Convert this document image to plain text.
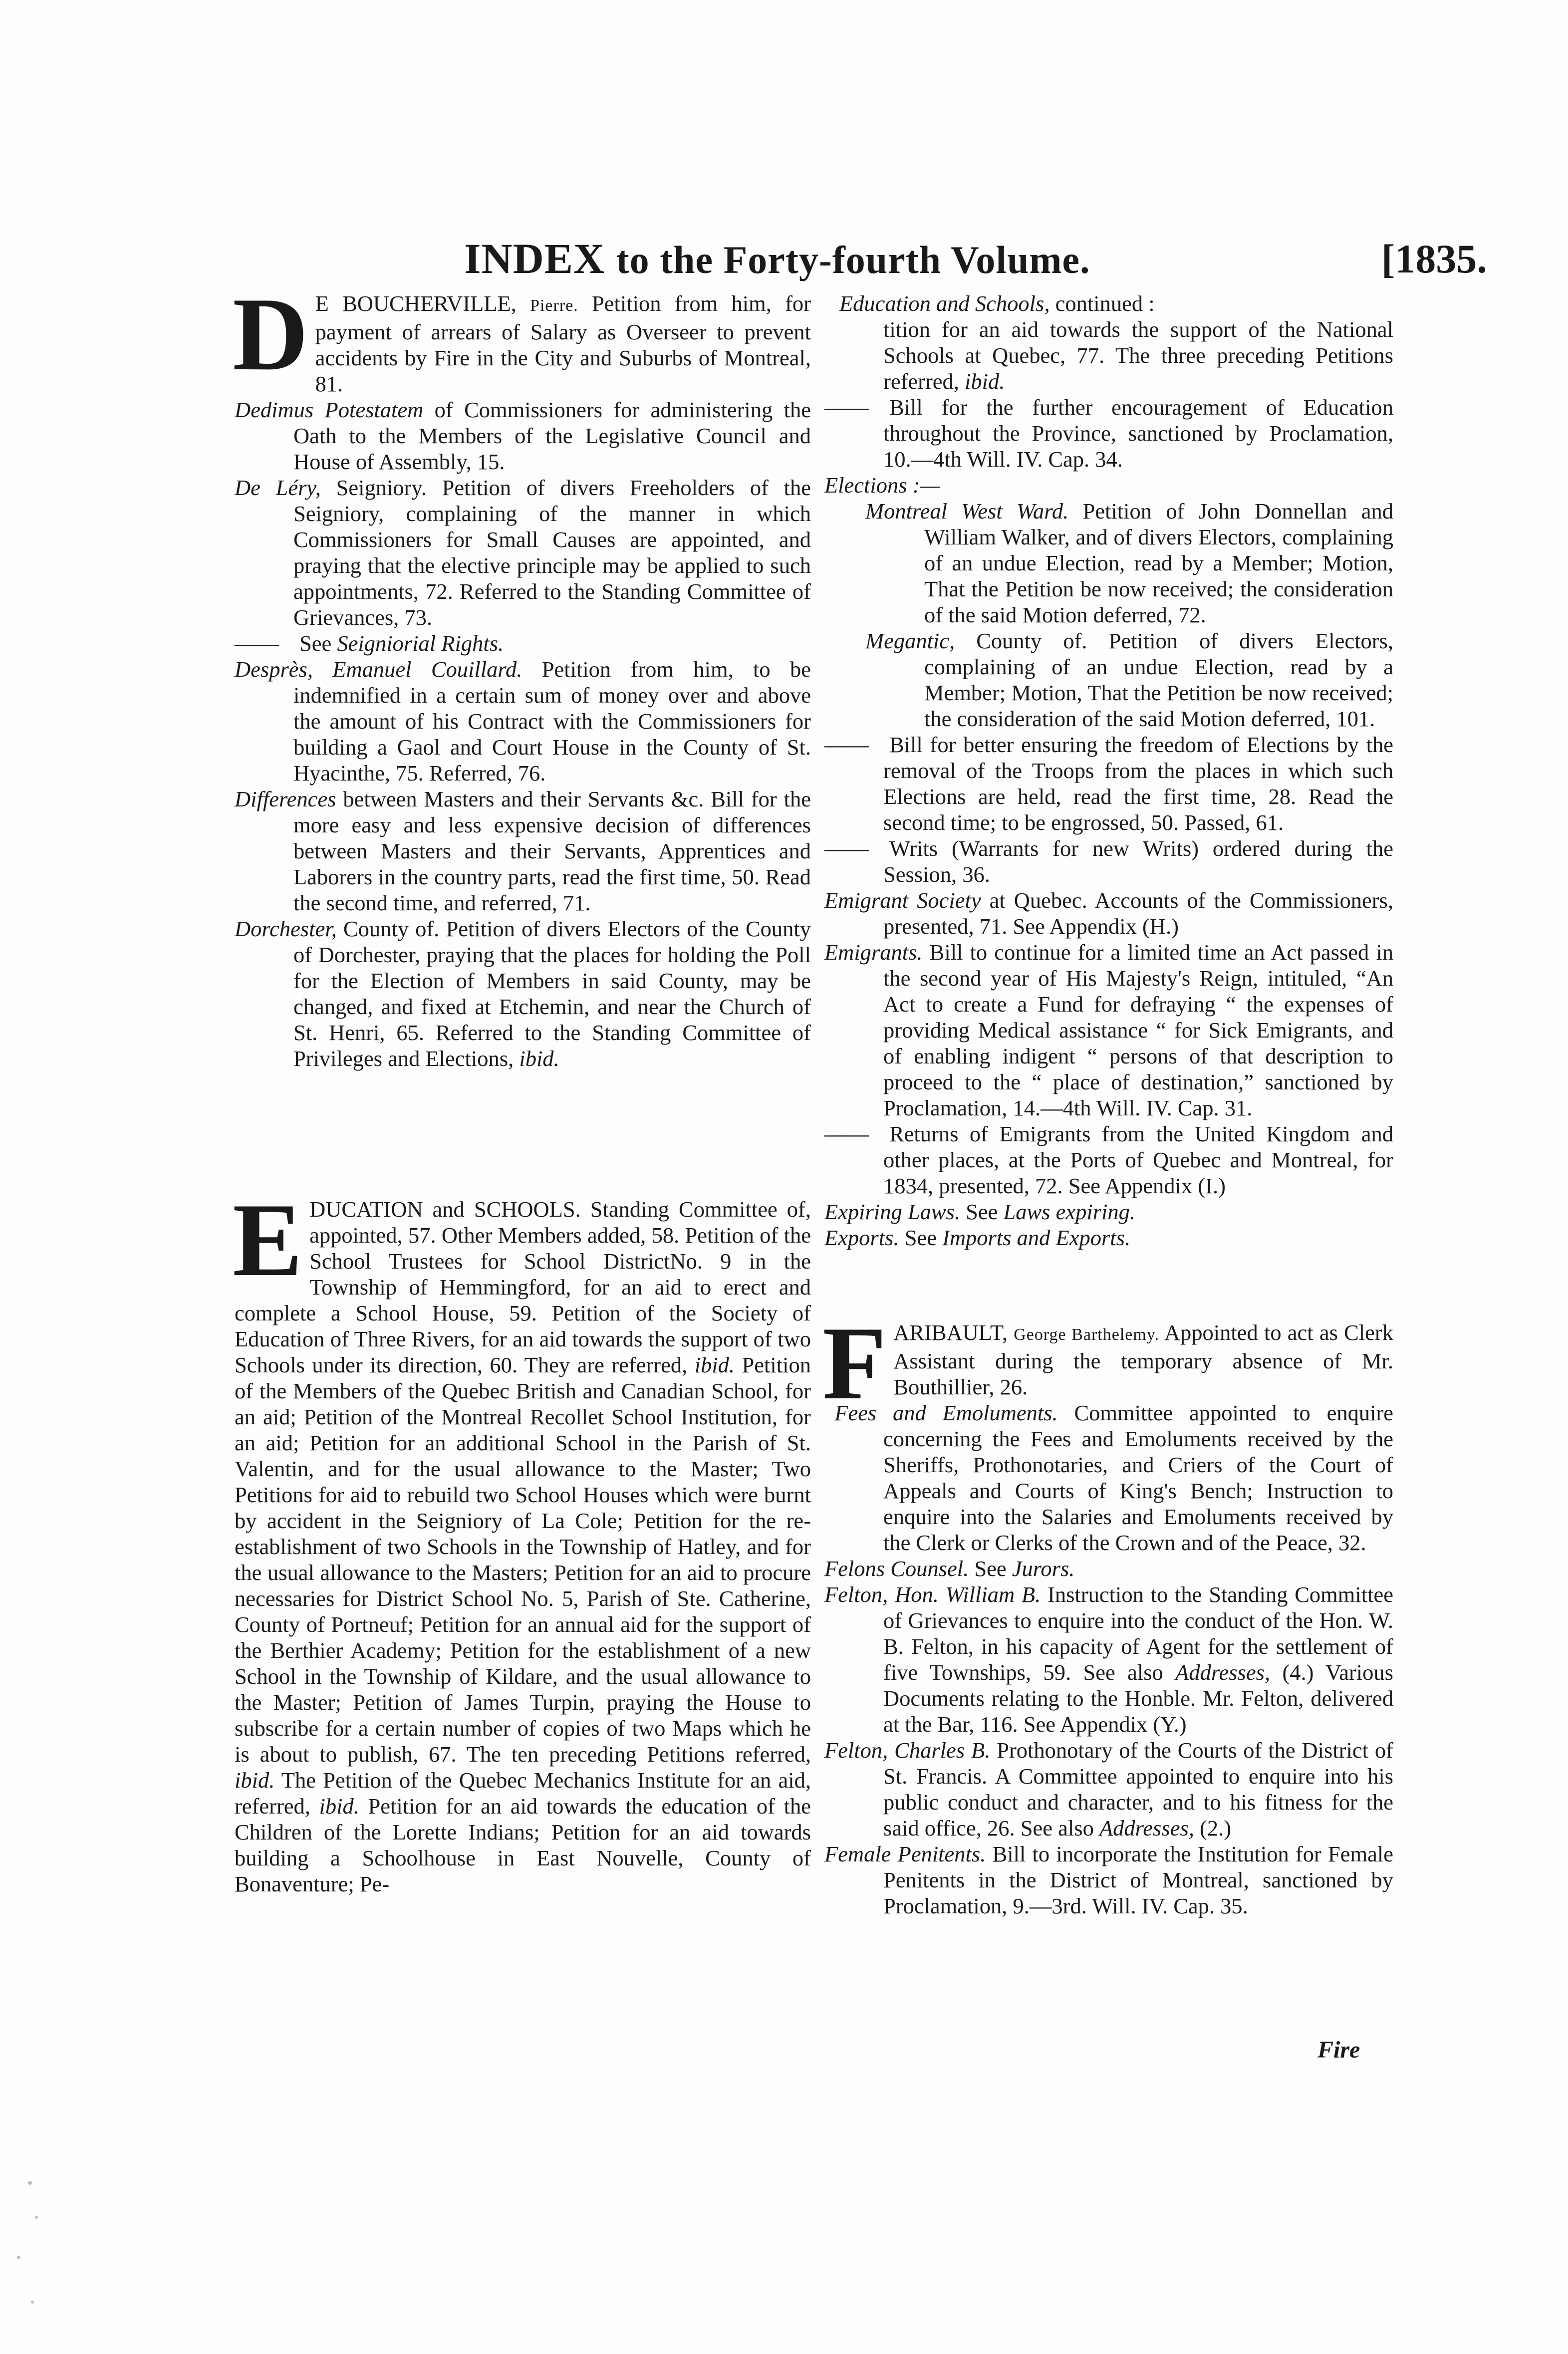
INDEX to the Forty-fourth Volume.	[1835.

D E BOUCHERVILLE, Pierre. Petition from him, for payment of arrears of Salary as Overseer to prevent accidents by Fire in the City and Suburbs of Montreal, 81.

Dedimus Potestatem of Commissioners for administering the Oath to the Members of the Legislative Council and House of Assembly, 15.

De Léry, Seigniory. Petition of divers Freeholders of the Seigniory, complaining of the manner in which Commissioners for Small Causes are appointed, and praying that the elective principle may be applied to such appointments, 72. Referred to the Standing Committee of Grievances, 73.

—— See Seigniorial Rights.

Desprès, Emanuel Couillard. Petition from him, to be indemnified in a certain sum of money over and above the amount of his Contract with the Commissioners for building a Gaol and Court House in the County of St. Hyacinthe, 75. Referred, 76.

Differences between Masters and their Servants &c. Bill for the more easy and less expensive decision of differences between Masters and their Servants, Apprentices and Laborers in the country parts, read the first time, 50. Read the second time, and referred, 71.

Dorchester, County of. Petition of divers Electors of the County of Dorchester, praying that the places for holding the Poll for the Election of Members in said County, may be changed, and fixed at Etchemin, and near the Church of St. Henri, 65. Referred to the Standing Committee of Privileges and Elections, ibid.

EDUCATION and SCHOOLS. Standing Committee of, appointed, 57. Other Members added, 58. Petition of the School Trustees for School DistrictNo. 9 in the Township of Hemmingford, for an aid to erect and complete a School House, 59. Petition of the Society of Education of Three Rivers, for an aid towards the support of two Schools under its direction, 60. They are referred, ibid. Petition of the Members of the Quebec British and Canadian School, for an aid; Petition of the Montreal Recollet School Institution, for an aid; Petition for an additional School in the Parish of St. Valentin, and for the usual allowance to the Master; Two Petitions for aid to rebuild two School Houses which were burnt by accident in the Seigniory of La Cole; Petition for the re-establishment of two Schools in the Township of Hatley, and for the usual allowance to the Masters; Petition for an aid to procure necessaries for District School No. 5, Parish of Ste. Catherine, County of Portneuf; Petition for an annual aid for the support of the Berthier Academy; Petition for the establishment of a new School in the Township of Kildare, and the usual allowance to the Master; Petition of James Turpin, praying the House to subscribe for a certain number of copies of two Maps which he is about to publish, 67. The ten preceding Petitions referred, ibid. The Petition of the Quebec Mechanics Institute for an aid, referred, ibid. Petition for an aid towards the education of the Children of the Lorette Indians; Petition for an aid towards building a Schoolhouse in East Nouvelle, County of Bonaventure; Pe-

Education and Schools, continued :

tition for an aid towards the support of the National Schools at Quebec, 77. The three preceding Petitions referred, ibid.

—— Bill for the further encouragement of Education throughout the Province, sanctioned by Proclamation, 10.—4th Will. IV. Cap. 34.

Elections :—

Montreal West Ward. Petition of John Donnellan and William Walker, and of divers Electors, complaining of an undue Election, read by a Member; Motion, That the Petition be now received; the consideration of the said Motion deferred, 72.

Megantic, County of. Petition of divers Electors, complaining of an undue Election, read by a Member; Motion, That the Petition be now received; the consideration of the said Motion deferred, 101.

—— Bill for better ensuring the freedom of Elections by the removal of the Troops from the places in which such Elections are held, read the first time, 28. Read the second time; to be engrossed, 50. Passed, 61.

—— Writs (Warrants for new Writs) ordered during the Session, 36.

Emigrant Society at Quebec. Accounts of the Commissioners, presented, 71. See Appendix (H.)

Emigrants. Bill to continue for a limited time an Act passed in the second year of His Majesty's Reign, intituled, “An Act to create a Fund for defraying “ the expenses of providing Medical assistance “ for Sick Emigrants, and of enabling indigent “ persons of that description to proceed to the “ place of destination,” sanctioned by Proclamation, 14.—4th Will. IV. Cap. 31.

—— Returns of Emigrants from the United Kingdom and other places, at the Ports of Quebec and Montreal, for 1834, presented, 72. See Appendix (I.)

Expiring Laws. See Laws expiring.

Exports. See Imports and Exports.

FARIBAULT, George Barthelemy. Appointed to act as Clerk Assistant during the temporary absence of Mr. Bouthillier, 26.

Fees and Emoluments. Committee appointed to enquire concerning the Fees and Emoluments received by the Sheriffs, Prothonotaries, and Criers of the Court of Appeals and Courts of King's Bench; Instruction to enquire into the Salaries and Emoluments received by the Clerk or Clerks of the Crown and of the Peace, 32.

Felons Counsel. See Jurors.

Felton, Hon. William B. Instruction to the Standing Committee of Grievances to enquire into the conduct of the Hon. W. B. Felton, in his capacity of Agent for the settlement of five Townships, 59. See also Addresses, (4.) Various Documents relating to the Honble. Mr. Felton, delivered at the Bar, 116. See Appendix (Y.)

Felton, Charles B. Prothonotary of the Courts of the District of St. Francis. A Committee appointed to enquire into his public conduct and character, and to his fitness for the said office, 26. See also Addresses, (2.)

Female Penitents. Bill to incorporate the Institution for Female Penitents in the District of Montreal, sanctioned by Proclamation, 9.—3rd. Will. IV. Cap. 35.

Fire
